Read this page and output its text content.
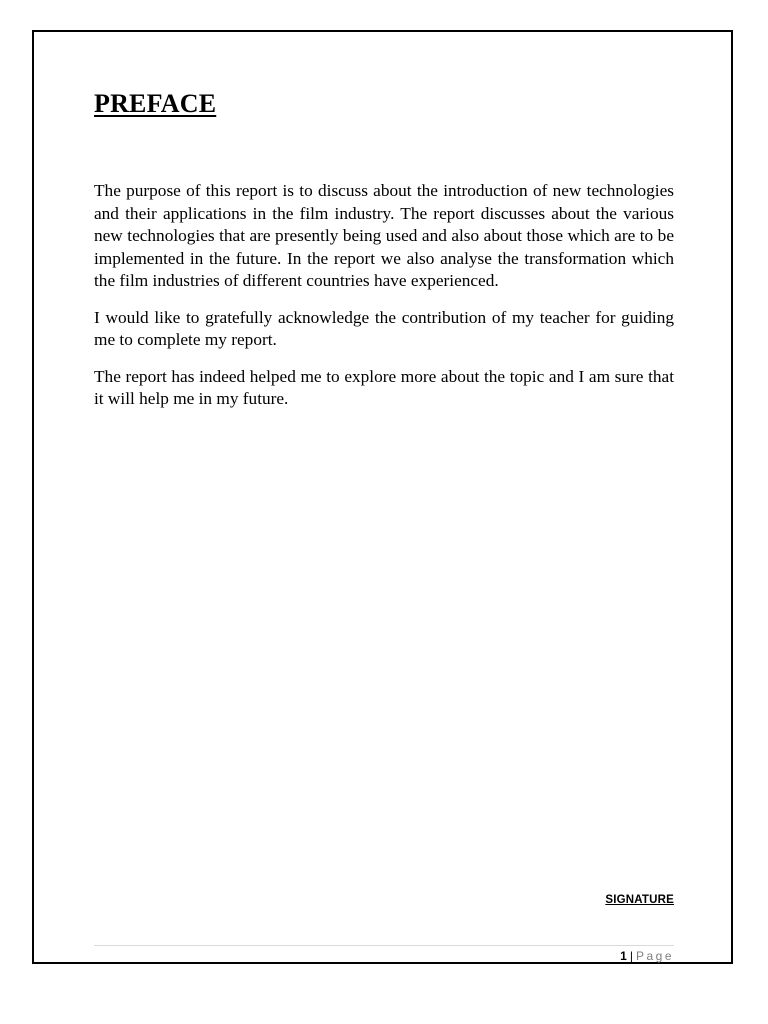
PREFACE

The purpose of this report is to discuss about the introduction of new technologies and their applications in the film industry. The report discusses about the various new technologies that are presently being used and also about those which are to be implemented in the future. In the report we also analyse the transformation which the film industries of different countries have experienced.

I would like to gratefully acknowledge the contribution of my teacher for guiding me to complete my report.

The report has indeed helped me to explore more about the topic and I am sure that it will help me in my future.

SIGNATURE
1 | Page
